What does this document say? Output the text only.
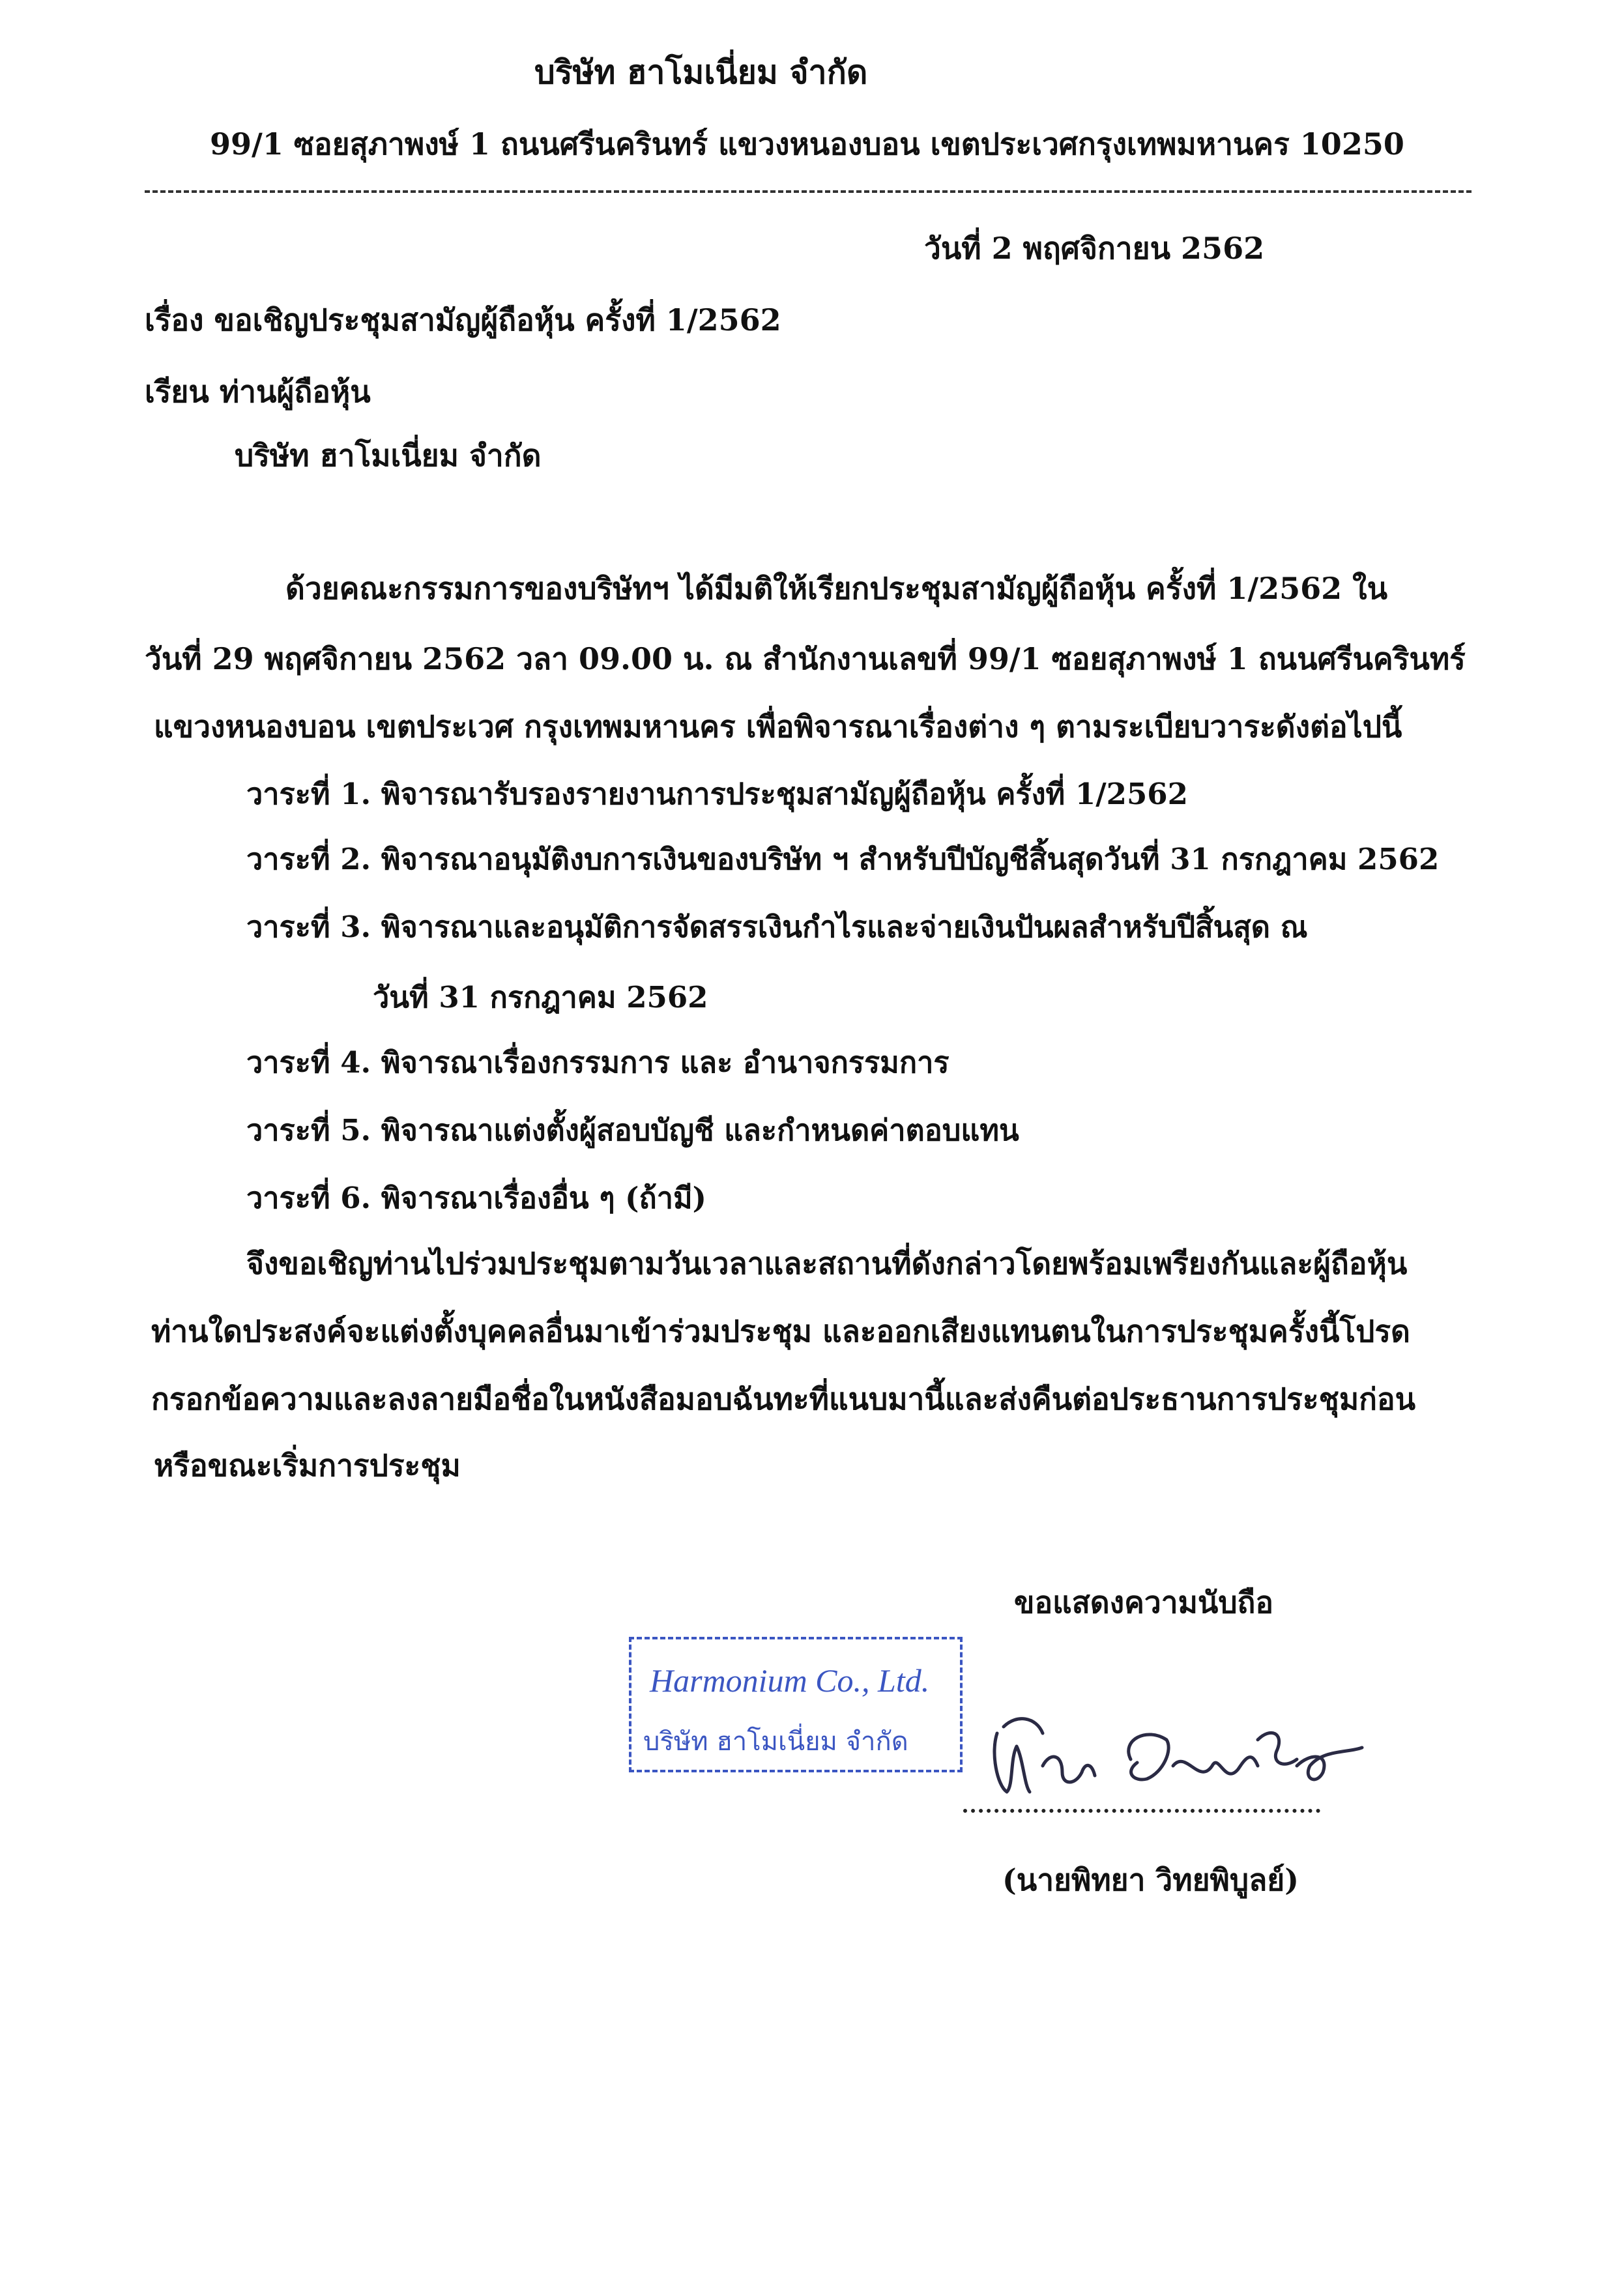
บริษัท ฮาโมเนี่ยม จำกัด
99/1 ซอยสุภาพงษ์ 1 ถนนศรีนครินทร์ แขวงหนองบอน เขตประเวศกรุงเทพมหานคร 10250
วันที่ 2 พฤศจิกายน 2562
เรื่อง ขอเชิญประชุมสามัญผู้ถือหุ้น ครั้งที่ 1/2562
เรียน ท่านผู้ถือหุ้น
บริษัท ฮาโมเนี่ยม จำกัด
ด้วยคณะกรรมการของบริษัทฯ ได้มีมติให้เรียกประชุมสามัญผู้ถือหุ้น ครั้งที่ 1/2562 ใน
วันที่ 29 พฤศจิกายน 2562 วลา 09.00 น. ณ สำนักงานเลขที่ 99/1 ซอยสุภาพงษ์ 1 ถนนศรีนครินทร์
แขวงหนองบอน เขตประเวศ กรุงเทพมหานคร เพื่อพิจารณาเรื่องต่าง ๆ ตามระเบียบวาระดังต่อไปนี้
วาระที่ 1. พิจารณารับรองรายงานการประชุมสามัญผู้ถือหุ้น ครั้งที่ 1/2562
วาระที่ 2. พิจารณาอนุมัติงบการเงินของบริษัท ฯ สำหรับปีบัญชีสิ้นสุดวันที่ 31 กรกฎาคม 2562
วาระที่ 3. พิจารณาและอนุมัติการจัดสรรเงินกำไรและจ่ายเงินปันผลสำหรับปีสิ้นสุด ณ
วันที่ 31 กรกฎาคม 2562
วาระที่ 4. พิจารณาเรื่องกรรมการ และ อำนาจกรรมการ
วาระที่ 5. พิจารณาแต่งตั้งผู้สอบบัญชี และกำหนดค่าตอบแทน
วาระที่ 6. พิจารณาเรื่องอื่น ๆ (ถ้ามี)
จึงขอเชิญท่านไปร่วมประชุมตามวันเวลาและสถานที่ดังกล่าวโดยพร้อมเพรียงกันและผู้ถือหุ้น
ท่านใดประสงค์จะแต่งตั้งบุคคลอื่นมาเข้าร่วมประชุม และออกเสียงแทนตนในการประชุมครั้งนี้โปรด
กรอกข้อความและลงลายมือชื่อในหนังสือมอบฉันทะที่แนบมานี้และส่งคืนต่อประธานการประชุมก่อน
หรือขณะเริ่มการประชุม
ขอแสดงความนับถือ
Harmonium Co., Ltd.
บริษัท ฮาโมเนี่ยม จำกัด
(นายพิทยา วิทยพิบูลย์)
